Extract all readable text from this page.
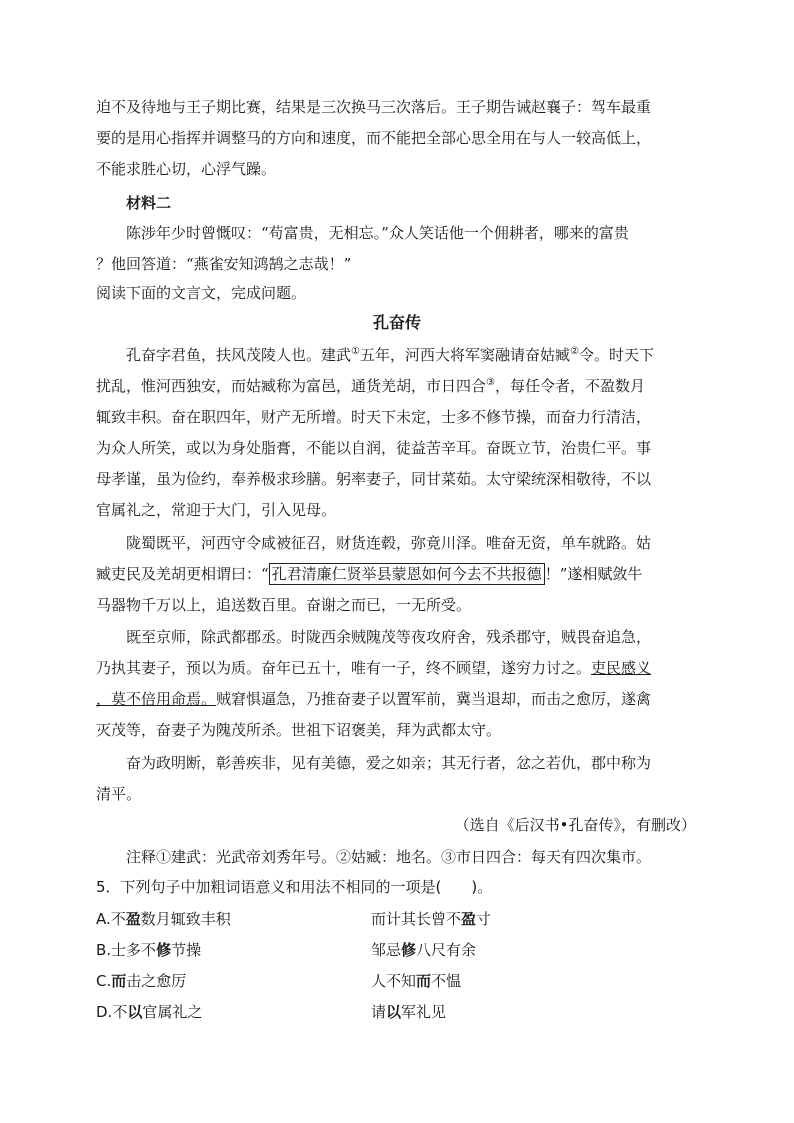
迫不及待地与王子期比赛，结果是三次换马三次落后。王子期告诫赵襄子：驾车最重
要的是用心指挥并调整马的方向和速度，而不能把全部心思全用在与人一较高低上，
不能求胜心切，心浮气躁。
材料二
陈涉年少时曾慨叹：“苟富贵，无相忘。”众人笑话他一个佣耕者，哪来的富贵
？他回答道：“燕雀安知鸿鹄之志哉！”
阅读下面的文言文，完成问题。
孔奋传
孔奋字君鱼，扶风茂陵人也。建武①五年，河西大将军窦融请奋姑臧②令。时天下
扰乱，惟河西独安，而姑臧称为富邑，通货羌胡，市日四合③，每任令者，不盈数月
辄致丰积。奋在职四年，财产无所增。时天下未定，士多不修节操，而奋力行清洁，
为众人所笑，或以为身处脂膏，不能以自润，徒益苦辛耳。奋既立节，治贵仁平。事
母孝谨，虽为俭约，奉养极求珍膳。躬率妻子，同甘菜茹。太守梁统深相敬待，不以
官属礼之，常迎于大门，引入见母。
陇蜀既平，河西守令咸被征召，财货连毂，弥竟川泽。唯奋无资，单车就路。姑
臧吏民及羌胡更相谓曰：“ 孔君清廉仁贤举县蒙恩如何今去不共报德 ！”遂相赋敛牛
马器物千万以上，追送数百里。奋谢之而已，一无所受。
既至京师，除武都郡丞。时陇西余贼隗茂等夜攻府舍，残杀郡守，贼畏奋追急，
乃执其妻子，预以为质。奋年已五十，唯有一子，终不顾望，遂穷力讨之。吏民感义
，莫不倍用命焉。贼窘惧逼急，乃推奋妻子以置军前，冀当退却，而击之愈厉，遂禽
灭茂等，奋妻子为隗茂所杀。世祖下诏褒美，拜为武都太守。
奋为政明断，彰善疾非，见有美德，爱之如亲；其无行者，忿之若仇，郡中称为
清平。
（选自《后汉书•孔奋传》，有删改）
注释①建武：光武帝刘秀年号。②姑臧：地名。③市日四合：每天有四次集市。
5．下列句子中加粗词语意义和用法不相同的一项是(　　)。
A.不盈数月辄致丰积	而计其长曾不盈寸
B.士多不修节操	邹忌修八尺有余
C.而击之愈厉	人不知而不愠
D.不以官属礼之	请以军礼见
